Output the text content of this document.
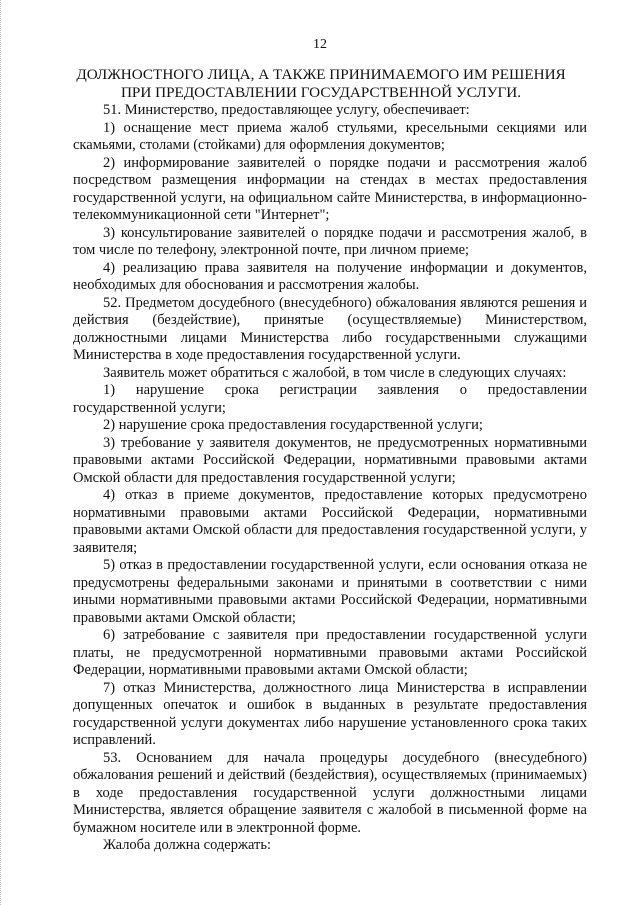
12
ДОЛЖНОСТНОГО ЛИЦА, А ТАКЖЕ ПРИНИМАЕМОГО ИМ РЕШЕНИЯ
ПРИ ПРЕДОСТАВЛЕНИИ ГОСУДАРСТВЕННОЙ УСЛУГИ.

51. Министерство, предоставляющее услугу, обеспечивает:

1) оснащение мест приема жалоб стульями, кресельными секциями или скамьями, столами (стойками) для оформления документов;

2) информирование заявителей о порядке подачи и рассмотрения жалоб посредством размещения информации на стендах в местах предоставления государственной услуги, на официальном сайте Министерства, в информационно-телекоммуникационной сети "Интернет";

3) консультирование заявителей о порядке подачи и рассмотрения жалоб, в том числе по телефону, электронной почте, при личном приеме;

4) реализацию права заявителя на получение информации и документов, необходимых для обоснования и рассмотрения жалобы.

52. Предметом досудебного (внесудебного) обжалования являются решения и действия (бездействие), принятые (осуществляемые) Министерством, должностными лицами Министерства либо государственными служащими Министерства в ходе предоставления государственной услуги.

Заявитель может обратиться с жалобой, в том числе в следующих случаях:

1) нарушение срока регистрации заявления о предоставлении государственной услуги;

2) нарушение срока предоставления государственной услуги;

3) требование у заявителя документов, не предусмотренных нормативными правовыми актами Российской Федерации, нормативными правовыми актами Омской области для предоставления государственной услуги;

4) отказ в приеме документов, предоставление которых предусмотрено нормативными правовыми актами Российской Федерации, нормативными правовыми актами Омской области для предоставления государственной услуги, у заявителя;

5) отказ в предоставлении государственной услуги, если основания отказа не предусмотрены федеральными законами и принятыми в соответствии с ними иными нормативными правовыми актами Российской Федерации, нормативными правовыми актами Омской области;

6) затребование с заявителя при предоставлении государственной услуги платы, не предусмотренной нормативными правовыми актами Российской Федерации, нормативными правовыми актами Омской области;

7) отказ Министерства, должностного лица Министерства в исправлении допущенных опечаток и ошибок в выданных в результате предоставления государственной услуги документах либо нарушение установленного срока таких исправлений.

53. Основанием для начала процедуры досудебного (внесудебного) обжалования решений и действий (бездействия), осуществляемых (принимаемых) в ходе предоставления государственной услуги должностными лицами Министерства, является обращение заявителя с жалобой в письменной форме на бумажном носителе или в электронной форме.

Жалоба должна содержать:
